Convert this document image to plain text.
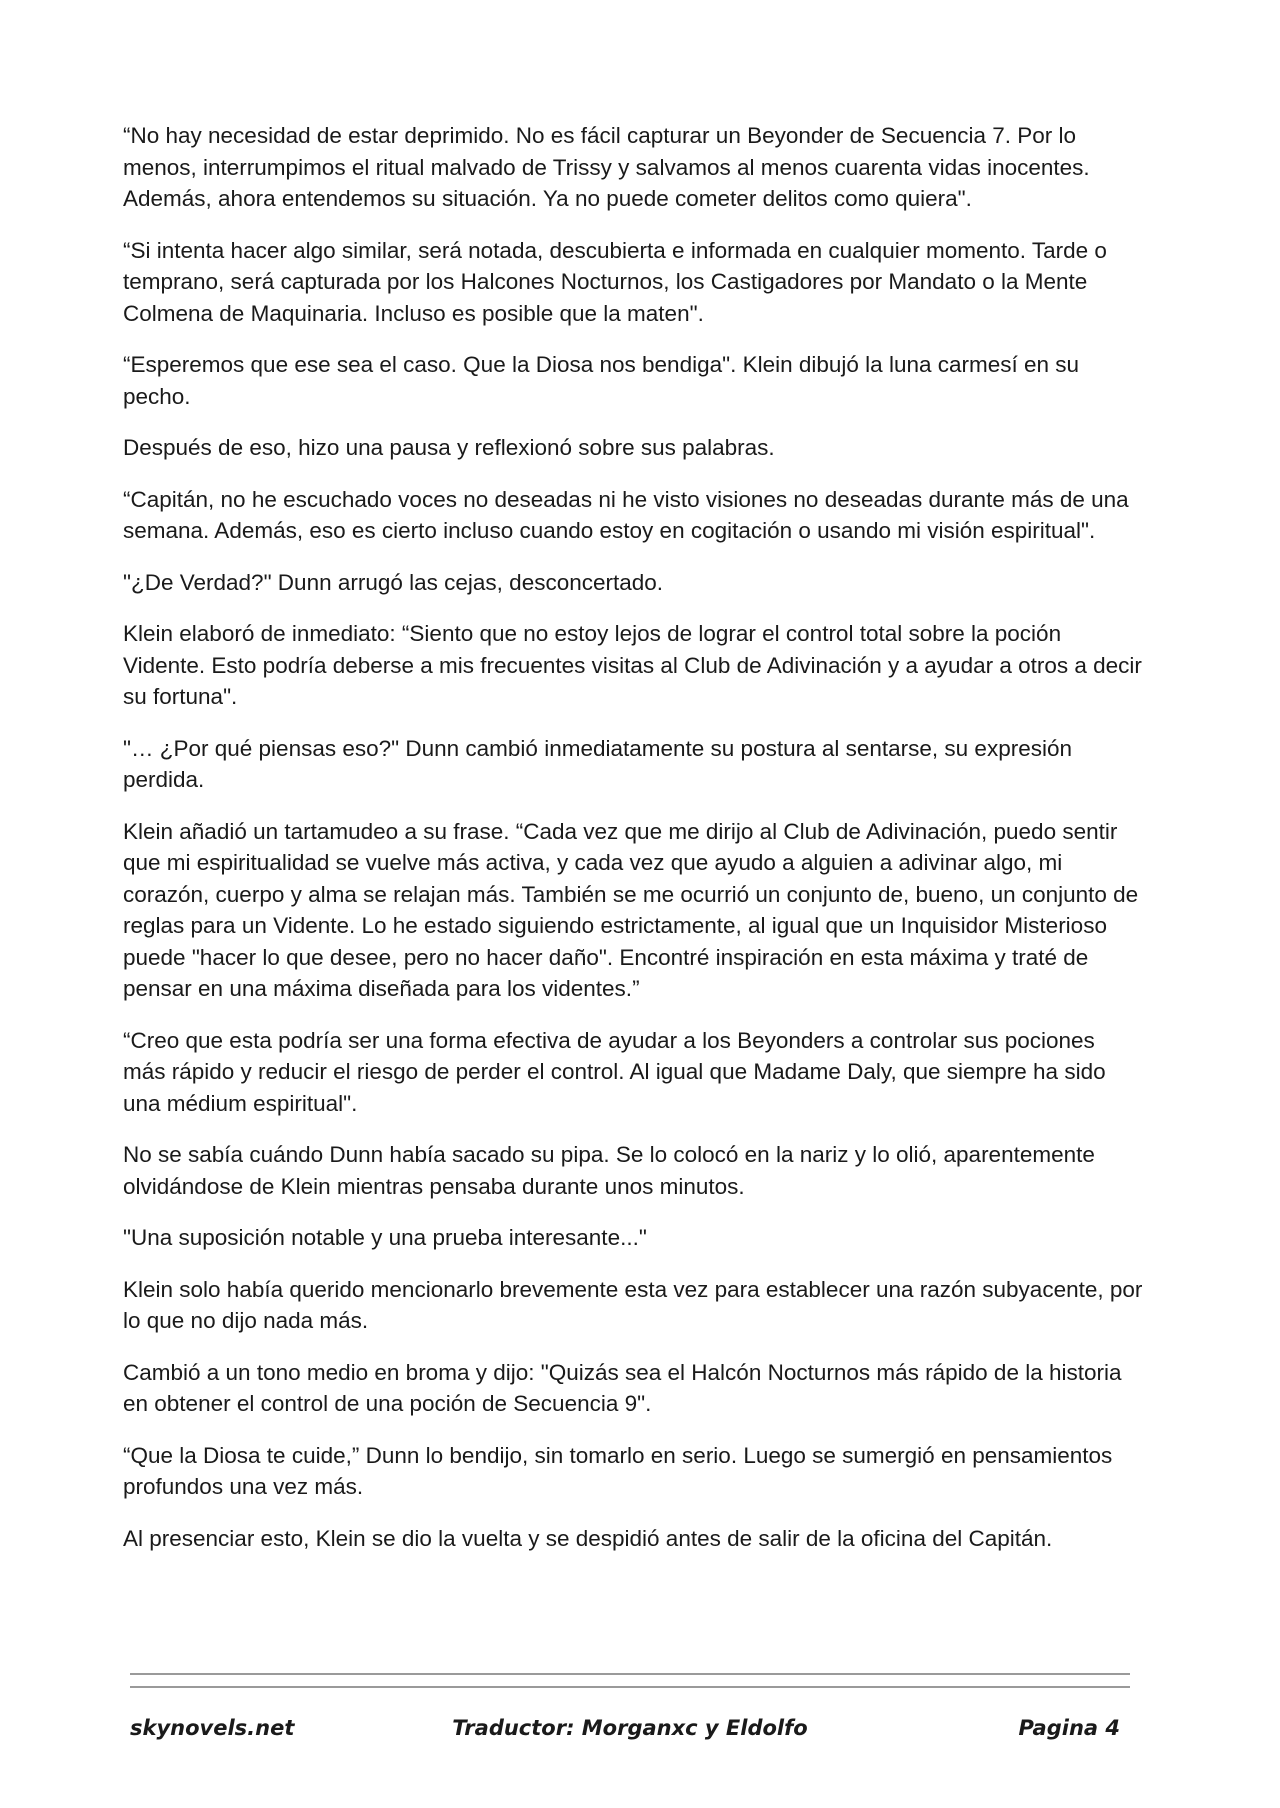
“No hay necesidad de estar deprimido. No es fácil capturar un Beyonder de Secuencia 7. Por lo menos, interrumpimos el ritual malvado de Trissy y salvamos al menos cuarenta vidas inocentes. Además, ahora entendemos su situación. Ya no puede cometer delitos como quiera".

“Si intenta hacer algo similar, será notada, descubierta e informada en cualquier momento. Tarde o temprano, será capturada por los Halcones Nocturnos, los Castigadores por Mandato o la Mente Colmena de Maquinaria. Incluso es posible que la maten".

“Esperemos que ese sea el caso. Que la Diosa nos bendiga". Klein dibujó la luna carmesí en su pecho.

Después de eso, hizo una pausa y reflexionó sobre sus palabras.

“Capitán, no he escuchado voces no deseadas ni he visto visiones no deseadas durante más de una semana. Además, eso es cierto incluso cuando estoy en cogitación o usando mi visión espiritual".

"¿De Verdad?" Dunn arrugó las cejas, desconcertado.

Klein elaboró de inmediato: “Siento que no estoy lejos de lograr el control total sobre la poción Vidente. Esto podría deberse a mis frecuentes visitas al Club de Adivinación y a ayudar a otros a decir su fortuna".

"… ¿Por qué piensas eso?" Dunn cambió inmediatamente su postura al sentarse, su expresión perdida.

Klein añadió un tartamudeo a su frase. “Cada vez que me dirijo al Club de Adivinación, puedo sentir que mi espiritualidad se vuelve más activa, y cada vez que ayudo a alguien a adivinar algo, mi corazón, cuerpo y alma se relajan más. También se me ocurrió un conjunto de, bueno, un conjunto de reglas para un Vidente. Lo he estado siguiendo estrictamente, al igual que un Inquisidor Misterioso puede "hacer lo que desee, pero no hacer daño". Encontré inspiración en esta máxima y traté de pensar en una máxima diseñada para los videntes.”

“Creo que esta podría ser una forma efectiva de ayudar a los Beyonders a controlar sus pociones más rápido y reducir el riesgo de perder el control. Al igual que Madame Daly, que siempre ha sido una médium espiritual".

No se sabía cuándo Dunn había sacado su pipa. Se lo colocó en la nariz y lo olió, aparentemente olvidándose de Klein mientras pensaba durante unos minutos.

"Una suposición notable y una prueba interesante..."

Klein solo había querido mencionarlo brevemente esta vez para establecer una razón subyacente, por lo que no dijo nada más.

Cambió a un tono medio en broma y dijo: "Quizás sea el Halcón Nocturnos más rápido de la historia en obtener el control de una poción de Secuencia 9".

“Que la Diosa te cuide,” Dunn lo bendijo, sin tomarlo en serio. Luego se sumergió en pensamientos profundos una vez más.

Al presenciar esto, Klein se dio la vuelta y se despidió antes de salir de la oficina del Capitán.

skynovels.net	Traductor: Morganxc y Eldolfo	Pagina 4
